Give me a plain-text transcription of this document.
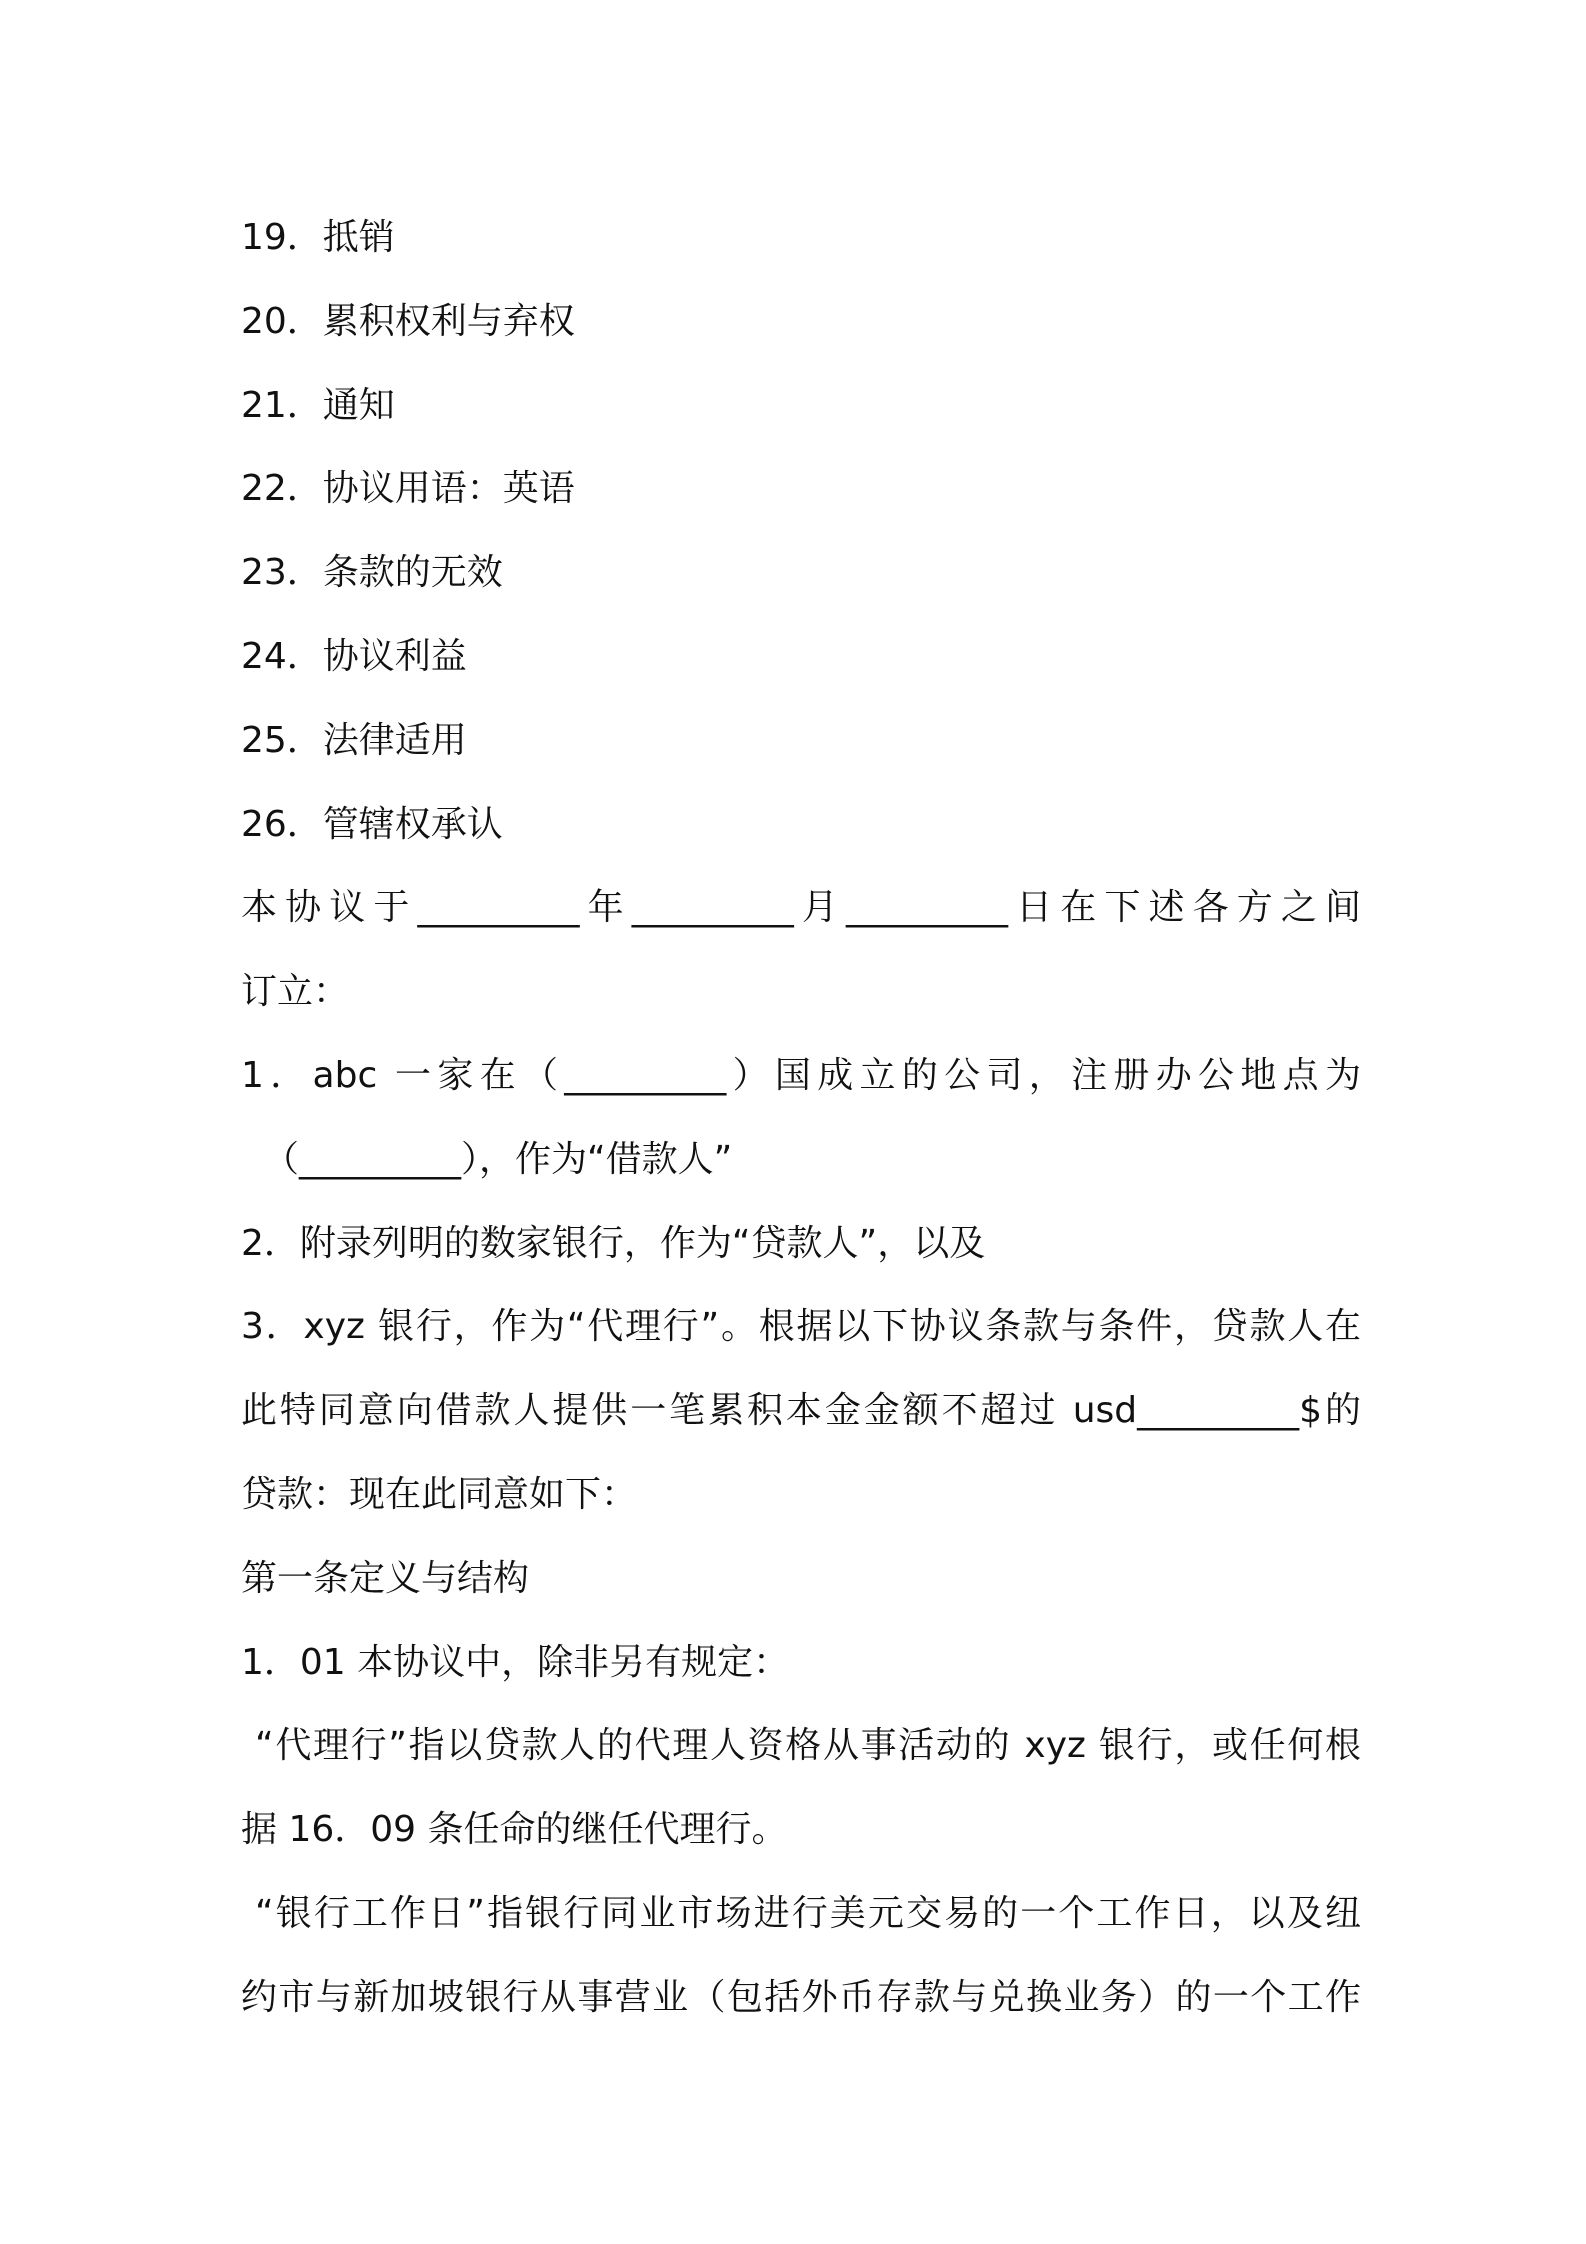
19．抵销
20．累积权利与弃权
21．通知
22．协议用语：英语
23．条款的无效
24．协议利益
25．法律适用
26．管辖权承认
本协议于_________年_________月_________日在下述各方之间
订立：
1．abc 一家在（_________）国成立的公司，注册办公地点为
（_________），作为“借款人”
2．附录列明的数家银行，作为“贷款人”，以及
3．xyz 银行，作为“代理行”。根据以下协议条款与条件，贷款人在
此特同意向借款人提供一笔累积本金金额不超过 usd_________$的
贷款：现在此同意如下：
第一条定义与结构
1．01 本协议中，除非另有规定：
“代理行”指以贷款人的代理人资格从事活动的 xyz 银行，或任何根
据 16．09 条任命的继任代理行。
“银行工作日”指银行同业市场进行美元交易的一个工作日，以及纽
约市与新加坡银行从事营业（包括外币存款与兑换业务）的一个工作
